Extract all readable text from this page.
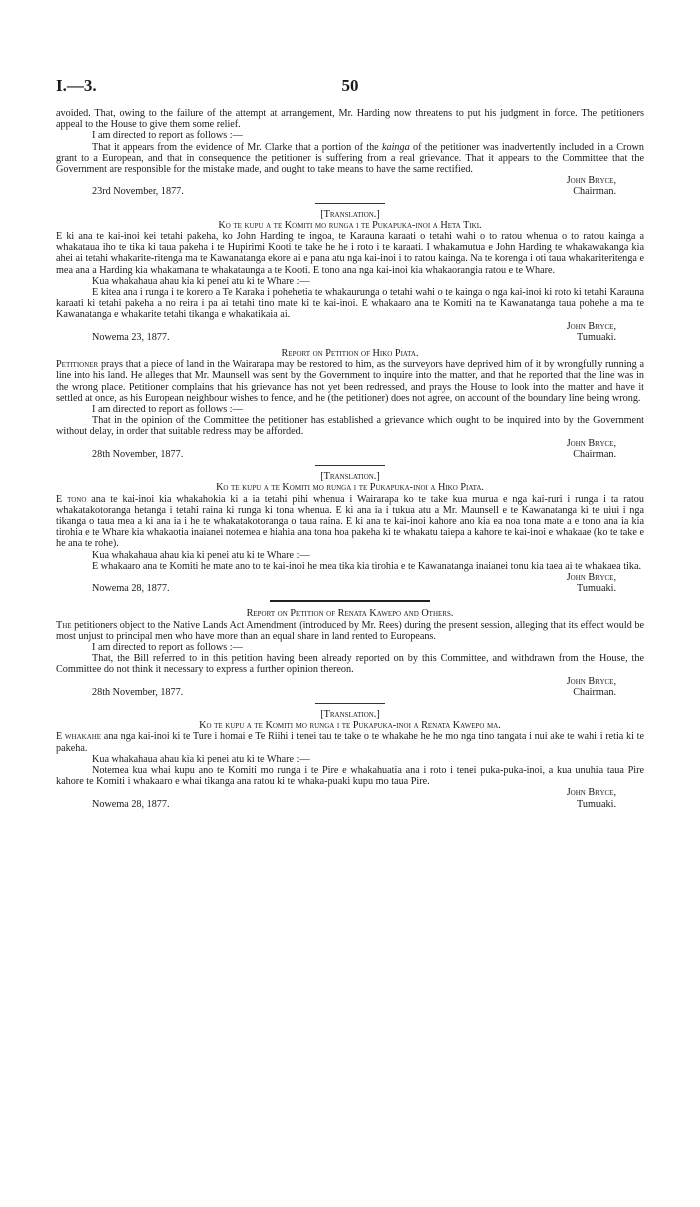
I.—3.	50

avoided. That, owing to the failure of the attempt at arrangement, Mr. Harding now threatens to put his judgment in force. The petitioners appeal to the House to give them some relief.

I am directed to report as follows :—

That it appears from the evidence of Mr. Clarke that a portion of the kainga of the petitioner was inadvertently included in a Crown grant to a European, and that in consequence the petitioner is suffering from a real grievance. That it appears to the Committee that the Government are responsible for the mistake made, and ought to take means to have the same rectified.

23rd November, 1877.
John Bryce,
Chairman.

[Translation.]

Ko te kupu a te Komiti mo runga i te Pukapuka-inoi a Heta Tiki.

E ki ana te kai-inoi kei tetahi pakeha, ko John Harding te ingoa, te Karauna karaati o tetahi wahi o to ratou whenua o to ratou kainga a whakataua iho te tika ki taua pakeha i te Hupirimi Kooti te take he he i roto i te karaati. I whakamutua e John Harding te whakawakanga kia ahei ai tetahi whakarite-ritenga ma te Kawanatanga ekore ai e pana atu nga kai-inoi i to ratou kainga. Na te korenga i oti taua whakariteritenga e mea ana a Harding kia whakamana te whakataunga a te Kooti. E tono ana nga kai-inoi kia whakaorangia ratou e te Whare.

Kua whakahaua ahau kia ki penei atu ki te Whare :—

E kitea ana i runga i te korero a Te Karaka i pohehetia te whakaurunga o tetahi wahi o te kainga o nga kai-inoi ki roto ki tetahi Karauna karaati ki tetahi pakeha a no reira i pa ai tetahi tino mate ki te kai-inoi. E whakaaro ana te Komiti na te Kawanatanga taua pohehe a ma te Kawanatanga e whakarite tetahi tikanga e whakatikaia ai.

Nowema 23, 1877.
John Bryce,
Tumuaki.

Report on Petition of Hiko Piata.

Petitioner prays that a piece of land in the Wairarapa may be restored to him, as the surveyors have deprived him of it by wrongfully running a line into his land. He alleges that Mr. Maunsell was sent by the Government to inquire into the matter, and that he reported that the line was in the wrong place. Petitioner complains that his grievance has not yet been redressed, and prays the House to look into the matter and have it settled at once, as his European neighbour wishes to fence, and he (the petitioner) does not agree, on account of the boundary line being wrong.

I am directed to report as follows :—

That in the opinion of the Committee the petitioner has established a grievance which ought to be inquired into by the Government without delay, in order that suitable redress may be afforded.

28th November, 1877.
John Bryce,
Chairman.

[Translation.]

Ko te kupu a te Komiti mo runga i te Pukapuka-inoi a Hiko Piata.

E tono ana te kai-inoi kia whakahokia ki a ia tetahi pihi whenua i Wairarapa ko te take kua murua e nga kai-ruri i runga i ta ratou whakatakotoranga hetanga i tetahi raina ki runga ki tona whenua. E ki ana ia i tukua atu a Mr. Maunsell e te Kawanatanga ki te uiui i nga tikanga o taua mea a ki ana ia i he te whakatakotoranga o taua raina. E ki ana te kai-inoi kahore ano kia ea noa tona mate a e tono ana ia kia tirohia e te Whare kia whakaotia inaianei notemea e hiahia ana tona hoa pakeha ki te whakatu taiepa a kahore te kai-inoi e whakaae (ko te take e he ana te rohe).

Kua whakahaua ahau kia ki penei atu ki te Whare :—

E whakaaro ana te Komiti he mate ano to te kai-inoi he mea tika kia tirohia e te Kawanatanga inaianei tonu kia taea ai te whakaea tika.

Nowema 28, 1877.
John Bryce,
Tumuaki.

Report on Petition of Renata Kawepo and Others.

The petitioners object to the Native Lands Act Amendment (introduced by Mr. Rees) during the present session, alleging that its effect would be most unjust to principal men who have more than an equal share in land rented to Europeans.

I am directed to report as follows :—

That, the Bill referred to in this petition having been already reported on by this Committee, and withdrawn from the House, the Committee do not think it necessary to express a further opinion thereon.

28th November, 1877.
John Bryce,
Chairman.

[Translation.]

Ko te kupu a te Komiti mo runga i te Pukapuka-inoi a Renata Kawepo ma.

E whakahe ana nga kai-inoi ki te Ture i homai e Te Riihi i tenei tau te take o te whakahe he he mo nga tino tangata i nui ake te wahi i retia ki te pakeha.

Kua whakahaua ahau kia ki penei atu ki te Whare :—

Notemea kua whai kupu ano te Komiti mo runga i te Pire e whakahuatia ana i roto i tenei puka-puka-inoi, a kua unuhia taua Pire kahore te Komiti i whakaaro e whai tikanga ana ratou ki te whaka-puaki kupu mo taua Pire.

Nowema 28, 1877.
John Bryce,
Tumuaki.
